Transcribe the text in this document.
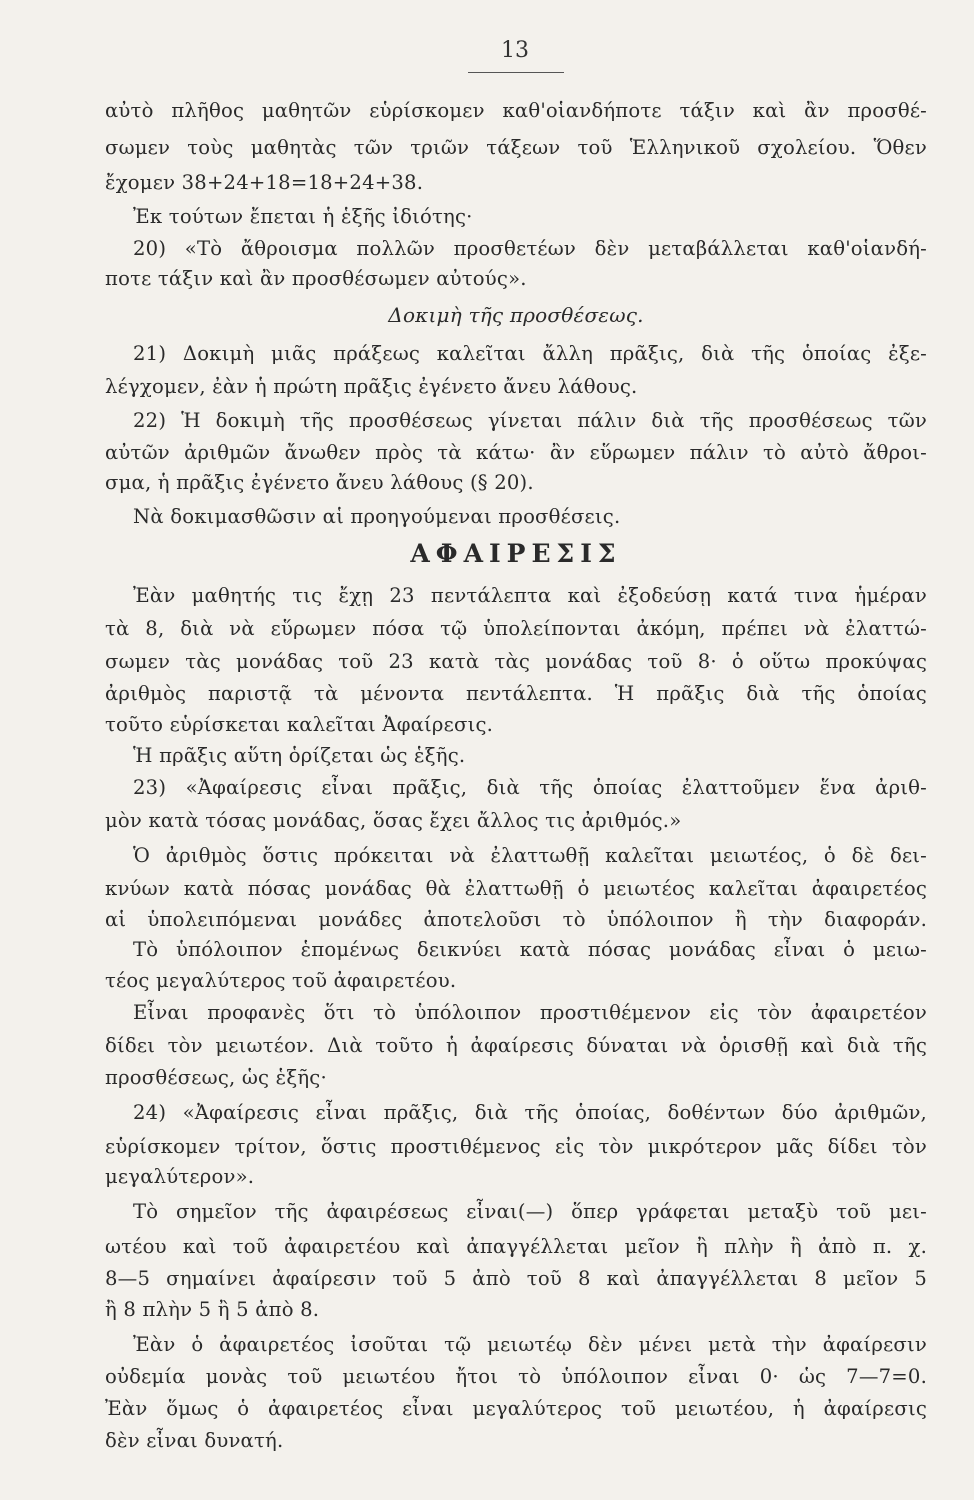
13
αὐτὸ πλῆθος μαθητῶν εὑρίσκομεν καθ'οἱανδήποτε τάξιν καὶ ἂν προσθέ-
σωμεν τοὺς μαθητὰς τῶν τριῶν τάξεων τοῦ Ἑλληνικοῦ σχολείου. Ὅθεν
ἔχομεν 38+24+18=18+24+38.
Ἐκ τούτων ἔπεται ἡ ἑξῆς ἰδιότης·
20) «Τὸ ἄθροισμα πολλῶν προσθετέων δὲν μεταβάλλεται καθ'οἱανδή-
ποτε τάξιν καὶ ἂν προσθέσωμεν αὐτούς».
Δοκιμὴ τῆς προσθέσεως.
21) Δοκιμὴ μιᾶς πράξεως καλεῖται ἄλλη πρᾶξις, διὰ τῆς ὁποίας ἐξε-
λέγχομεν, ἐὰν ἡ πρώτη πρᾶξις ἐγένετο ἄνευ λάθους.
22) Ἡ δοκιμὴ τῆς προσθέσεως γίνεται πάλιν διὰ τῆς προσθέσεως τῶν
αὐτῶν ἀριθμῶν ἄνωθεν πρὸς τὰ κάτω· ἂν εὕρωμεν πάλιν τὸ αὐτὸ ἄθροι-
σμα, ἡ πρᾶξις ἐγένετο ἄνευ λάθους (§ 20).
Νὰ δοκιμασθῶσιν αἱ προηγούμεναι προσθέσεις.
ΑΦΑΙΡΕΣΙΣ
Ἐὰν μαθητής τις ἔχῃ 23 πεντάλεπτα καὶ ἐξοδεύσῃ κατά τινα ἡμέραν
τὰ 8, διὰ νὰ εὕρωμεν πόσα τῷ ὑπολείπονται ἀκόμη, πρέπει νὰ ἐλαττώ-
σωμεν τὰς μονάδας τοῦ 23 κατὰ τὰς μονάδας τοῦ 8· ὁ οὕτω προκύψας
ἀριθμὸς παριστᾷ τὰ μένοντα πεντάλεπτα. Ἡ πρᾶξις διὰ τῆς ὁποίας
τοῦτο εὑρίσκεται καλεῖται Ἀφαίρεσις.
Ἡ πρᾶξις αὕτη ὁρίζεται ὡς ἑξῆς.
23) «Ἀφαίρεσις εἶναι πρᾶξις, διὰ τῆς ὁποίας ἐλαττοῦμεν ἕνα ἀριθ-
μὸν κατὰ τόσας μονάδας, ὅσας ἔχει ἄλλος τις ἀριθμός.»
Ὁ ἀριθμὸς ὅστις πρόκειται νὰ ἐλαττωθῇ καλεῖται μειωτέος, ὁ δὲ δει-
κνύων κατὰ πόσας μονάδας θὰ ἐλαττωθῇ ὁ μειωτέος καλεῖται ἀφαιρετέος
αἱ ὑπολειπόμεναι μονάδες ἀποτελοῦσι τὸ ὑπόλοιπον ἢ τὴν διαφοράν.
Τὸ ὑπόλοιπον ἑπομένως δεικνύει κατὰ πόσας μονάδας εἶναι ὁ μειω-
τέος μεγαλύτερος τοῦ ἀφαιρετέου.
Εἶναι προφανὲς ὅτι τὸ ὑπόλοιπον προστιθέμενον εἰς τὸν ἀφαιρετέον
δίδει τὸν μειωτέον. Διὰ τοῦτο ἡ ἀφαίρεσις δύναται νὰ ὁρισθῇ καὶ διὰ τῆς
προσθέσεως, ὡς ἑξῆς·
24) «Ἀφαίρεσις εἶναι πρᾶξις, διὰ τῆς ὁποίας, δοθέντων δύο ἀριθμῶν,
εὑρίσκομεν τρίτον, ὅστις προστιθέμενος εἰς τὸν μικρότερον μᾶς δίδει τὸν
μεγαλύτερον».
Τὸ σημεῖον τῆς ἀφαιρέσεως εἶναι(—) ὅπερ γράφεται μεταξὺ τοῦ μει-
ωτέου καὶ τοῦ ἀφαιρετέου καὶ ἀπαγγέλλεται μεῖον ἢ πλὴν ἢ ἀπὸ π. χ.
8—5 σημαίνει ἀφαίρεσιν τοῦ 5 ἀπὸ τοῦ 8 καὶ ἀπαγγέλλεται 8 μεῖον 5
ἢ 8 πλὴν 5 ἢ 5 ἀπὸ 8.
Ἐὰν ὁ ἀφαιρετέος ἰσοῦται τῷ μειωτέῳ δὲν μένει μετὰ τὴν ἀφαίρεσιν
οὐδεμία μονὰς τοῦ μειωτέου ἤτοι τὸ ὑπόλοιπον εἶναι 0· ὡς 7—7=0.
Ἐὰν ὅμως ὁ ἀφαιρετέος εἶναι μεγαλύτερος τοῦ μειωτέου, ἡ ἀφαίρεσις
δὲν εἶναι δυνατή.
